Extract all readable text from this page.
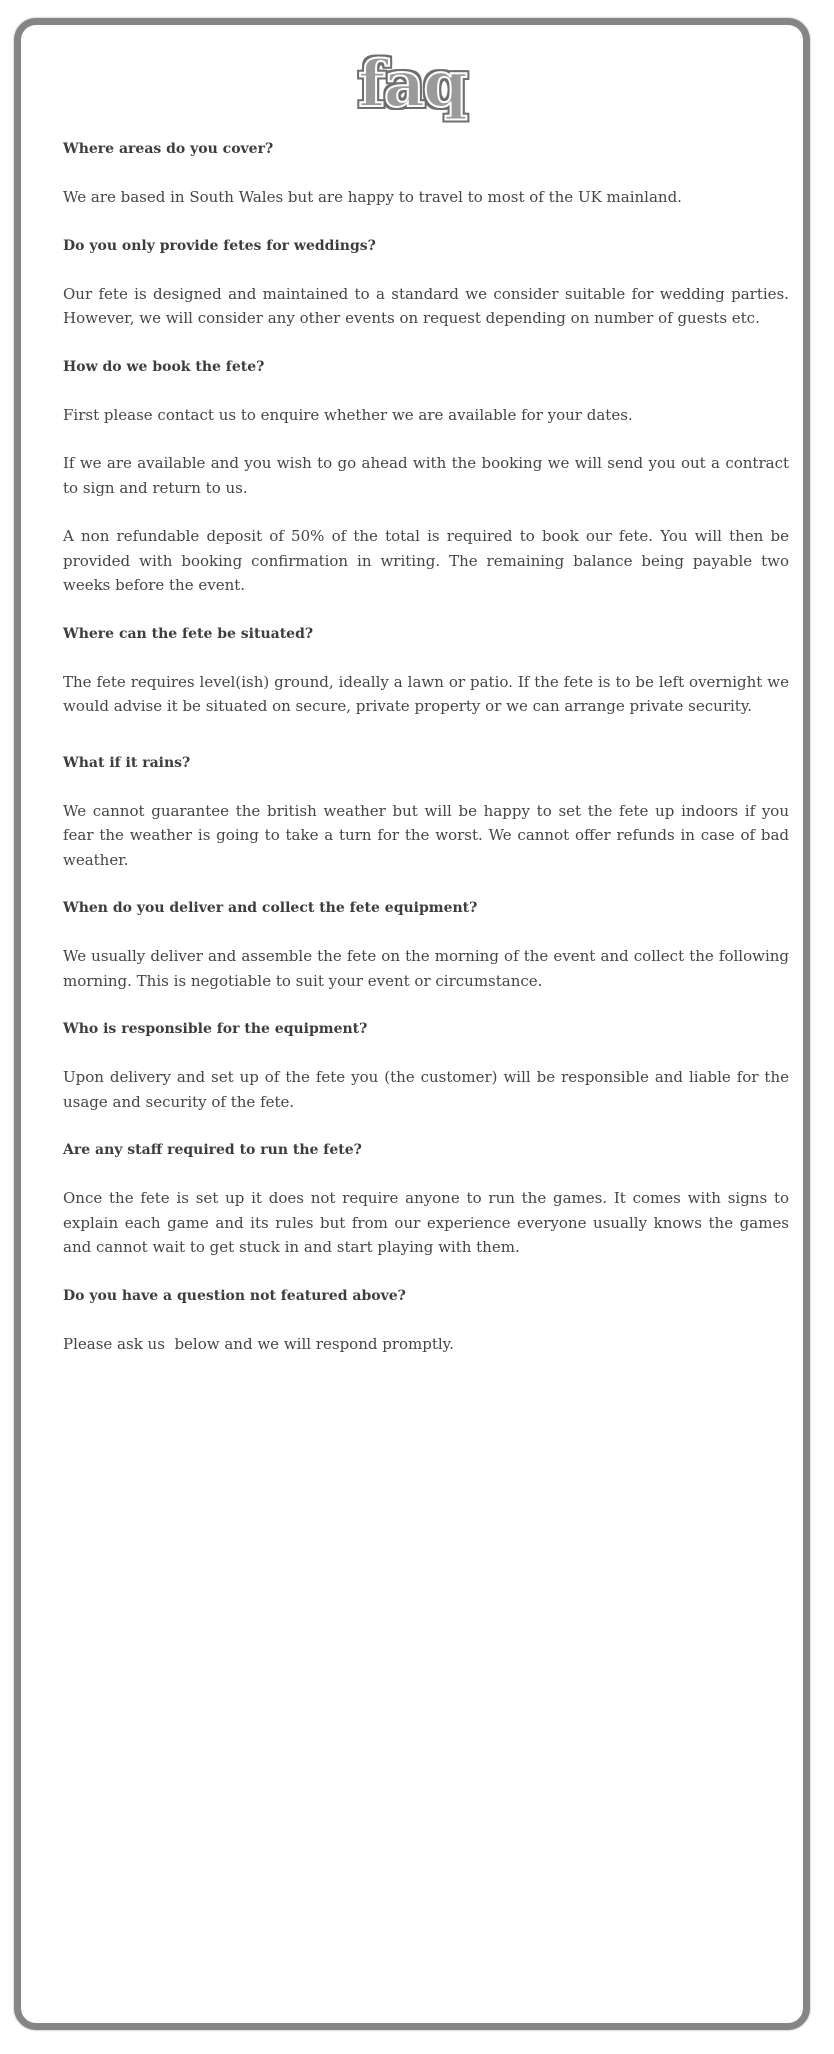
faq
Where areas do you cover?
We are based in South Wales but are happy to travel to most of the UK mainland.
Do you only provide fetes for weddings?
Our fete is designed and maintained to a standard we consider suitable for wedding parties. However, we will consider any other events on request depending on number of guests etc.
How do we book the fete?
First please contact us to enquire whether we are available for your dates.
If we are available and you wish to go ahead with the booking we will send you out a contract to sign and return to us.
A non refundable deposit of 50% of the total is required to book our fete. You will then be provided with booking confirmation in writing. The remaining balance being payable two weeks before the event.
Where can the fete be situated?
The fete requires level(ish) ground, ideally a lawn or patio. If the fete is to be left overnight we would advise it be situated on secure, private property or we can arrange private security.
What if it rains?
We cannot guarantee the british weather but will be happy to set the fete up indoors if you fear the weather is going to take a turn for the worst. We cannot offer refunds in case of bad weather.
When do you deliver and collect the fete equipment?
We usually deliver and assemble the fete on the morning of the event and collect the following morning. This is negotiable to suit your event or circumstance.
Who is responsible for the equipment?
Upon delivery and set up of the fete you (the customer) will be responsible and liable for the usage and security of the fete.
Are any staff required to run the fete?
Once the fete is set up it does not require anyone to run the games. It comes with signs to explain each game and its rules but from our experience everyone usually knows the games and cannot wait to get stuck in and start playing with them.
Do you have a question not featured above?
Please ask us  below and we will respond promptly.
